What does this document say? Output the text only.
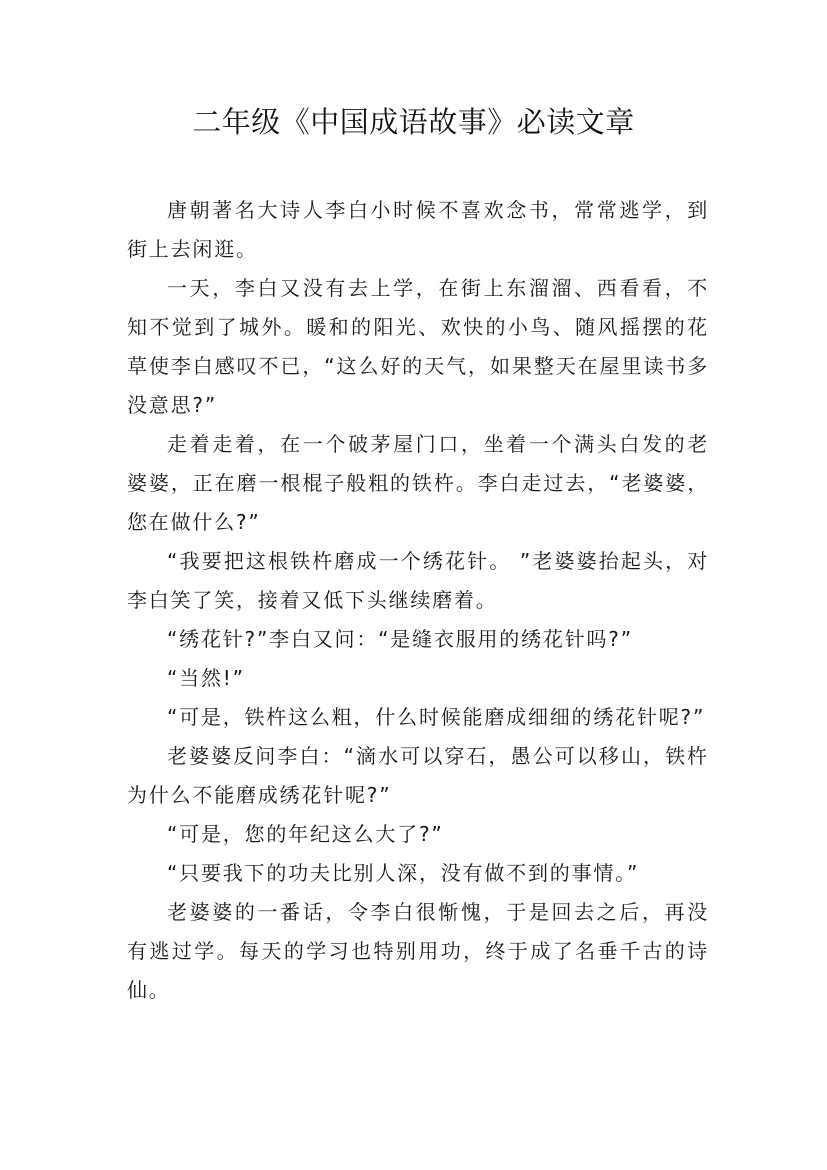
二年级《中国成语故事》必读文章

唐朝著名大诗人李白小时候不喜欢念书，常常逃学，到街上去闲逛。

一天，李白又没有去上学，在街上东溜溜、西看看，不知不觉到了城外。暖和的阳光、欢快的小鸟、随风摇摆的花草使李白感叹不已，“这么好的天气，如果整天在屋里读书多没意思?”

走着走着，在一个破茅屋门口，坐着一个满头白发的老婆婆，正在磨一根棍子般粗的铁杵。李白走过去，“老婆婆，您在做什么?”

“我要把这根铁杵磨成一个绣花针。 ”老婆婆抬起头，对李白笑了笑，接着又低下头继续磨着。

“绣花针?”李白又问：“是缝衣服用的绣花针吗?”

“当然!”

“可是，铁杵这么粗，什么时候能磨成细细的绣花针呢?”

老婆婆反问李白：“滴水可以穿石，愚公可以移山，铁杵为什么不能磨成绣花针呢?”

“可是，您的年纪这么大了?”

“只要我下的功夫比别人深，没有做不到的事情。”

老婆婆的一番话，令李白很惭愧，于是回去之后，再没有逃过学。每天的学习也特别用功，终于成了名垂千古的诗仙。
